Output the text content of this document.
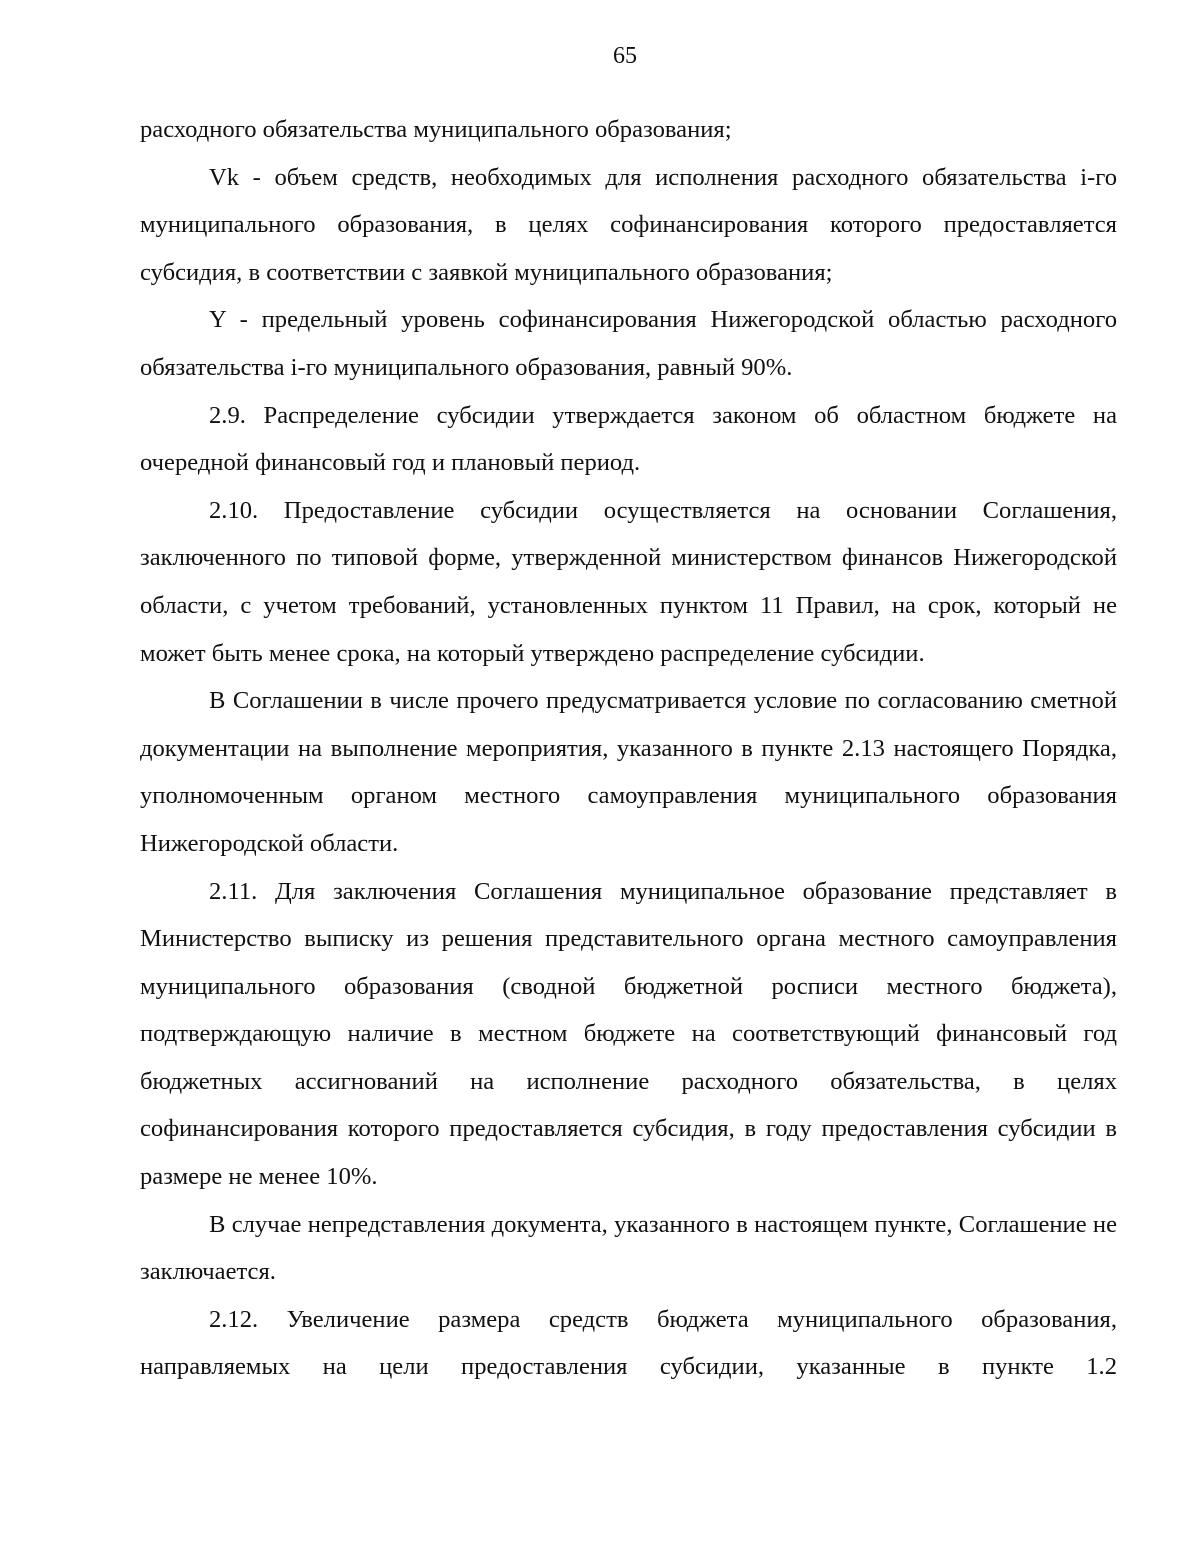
65

расходного обязательства муниципального образования;

Vk - объем средств, необходимых для исполнения расходного обязательства i-го муниципального образования, в целях софинансирования которого предоставляется субсидия, в соответствии с заявкой муниципального образования;

Y - предельный уровень софинансирования Нижегородской областью расходного обязательства i-го муниципального образования, равный 90%.

2.9. Распределение субсидии утверждается законом об областном бюджете на очередной финансовый год и плановый период.

2.10. Предоставление субсидии осуществляется на основании Соглашения, заключенного по типовой форме, утвержденной министерством финансов Нижегородской области, с учетом требований, установленных пунктом 11 Правил, на срок, который не может быть менее срока, на который утверждено распределение субсидии.

В Соглашении в числе прочего предусматривается условие по согласованию сметной документации на выполнение мероприятия, указанного в пункте 2.13 настоящего Порядка, уполномоченным органом местного самоуправления муниципального образования Нижегородской области.

2.11. Для заключения Соглашения муниципальное образование представляет в Министерство выписку из решения представительного органа местного самоуправления муниципального образования (сводной бюджетной росписи местного бюджета), подтверждающую наличие в местном бюджете на соответствующий финансовый год бюджетных ассигнований на исполнение расходного обязательства, в целях софинансирования которого предоставляется субсидия, в году предоставления субсидии в размере не менее 10%.

В случае непредставления документа, указанного в настоящем пункте, Соглашение не заключается.

2.12. Увеличение размера средств бюджета муниципального образования, направляемых на цели предоставления субсидии, указанные в пункте 1.2
